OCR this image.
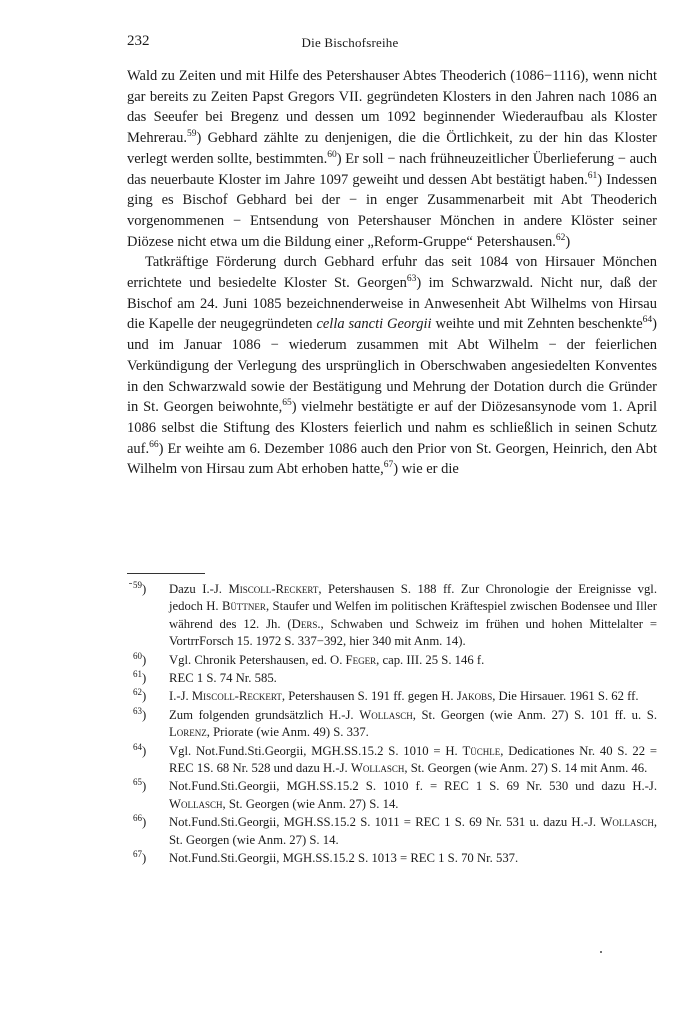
232	Die Bischofsreihe

Wald zu Zeiten und mit Hilfe des Petershauser Abtes Theoderich (1086−1116), wenn nicht gar bereits zu Zeiten Papst Gregors VII. gegründeten Klosters in den Jahren nach 1086 an das Seeufer bei Bregenz und dessen um 1092 beginnender Wiederaufbau als Kloster Mehrerau.$^{59}$) Gebhard zählte zu denjenigen, die die Örtlichkeit, zu der hin das Kloster verlegt werden sollte, bestimmten.$^{60}$) Er soll − nach frühneuzeitlicher Überlieferung − auch das neuerbaute Kloster im Jahre 1097 geweiht und dessen Abt bestätigt haben.$^{61}$) Indessen ging es Bischof Gebhard bei der − in enger Zusammenarbeit mit Abt Theoderich vorgenommenen − Entsendung von Petershauser Mönchen in andere Klöster seiner Diözese nicht etwa um die Bildung einer „Reform-Gruppe“ Petershausen.$^{62}$)

Tatkräftige Förderung durch Gebhard erfuhr das seit 1084 von Hirsauer Mönchen errichtete und besiedelte Kloster St. Georgen$^{63}$) im Schwarzwald. Nicht nur, daß der Bischof am 24. Juni 1085 bezeichnenderweise in Anwesenheit Abt Wilhelms von Hirsau die Kapelle der neugegründeten cella sancti Georgii weihte und mit Zehnten beschenkte$^{64}$) und im Januar 1086 − wiederum zusammen mit Abt Wilhelm − der feierlichen Verkündigung der Verlegung des ursprünglich in Oberschwaben angesiedelten Konventes in den Schwarzwald sowie der Bestätigung und Mehrung der Dotation durch die Gründer in St. Georgen beiwohnte,$^{65}$) vielmehr bestätigte er auf der Diözesansynode vom 1. April 1086 selbst die Stiftung des Klosters feierlich und nahm es schließlich in seinen Schutz auf.$^{66}$) Er weihte am 6. Dezember 1086 auch den Prior von St. Georgen, Heinrich, den Abt Wilhelm von Hirsau zum Abt erhoben hatte,$^{67}$) wie er die

$^{59}$) Dazu I.-J. Miscoll-Reckert, Petershausen S. 188 ff. Zur Chronologie der Ereignisse vgl. jedoch H. Büttner, Staufer und Welfen im politischen Kräftespiel zwischen Bodensee und Iller während des 12. Jh. (Ders., Schwaben und Schweiz im frühen und hohen Mittelalter = VortrrForsch 15. 1972 S. 337−392, hier 340 mit Anm. 14).
$^{60}$) Vgl. Chronik Petershausen, ed. O. Feger, cap. III. 25 S. 146 f.
$^{61}$) REC 1 S. 74 Nr. 585.
$^{62}$) I.-J. Miscoll-Reckert, Petershausen S. 191 ff. gegen H. Jakobs, Die Hirsauer. 1961 S. 62 ff.
$^{63}$) Zum folgenden grundsätzlich H.-J. Wollasch, St. Georgen (wie Anm. 27) S. 101 ff. u. S. Lorenz, Priorate (wie Anm. 49) S. 337.
$^{64}$) Vgl. Not.Fund.Sti.Georgii, MGH.SS.15.2 S. 1010 = H. Tüchle, Dedicationes Nr. 40 S. 22 = REC 1S. 68 Nr. 528 und dazu H.-J. Wollasch, St. Georgen (wie Anm. 27) S. 14 mit Anm. 46.
$^{65}$) Not.Fund.Sti.Georgii, MGH.SS.15.2 S. 1010 f. = REC 1 S. 69 Nr. 530 und dazu H.-J. Wollasch, St. Georgen (wie Anm. 27) S. 14.
$^{66}$) Not.Fund.Sti.Georgii, MGH.SS.15.2 S. 1011 = REC 1 S. 69 Nr. 531 u. dazu H.-J. Wollasch, St. Georgen (wie Anm. 27) S. 14.
$^{67}$) Not.Fund.Sti.Georgii, MGH.SS.15.2 S. 1013 = REC 1 S. 70 Nr. 537.
